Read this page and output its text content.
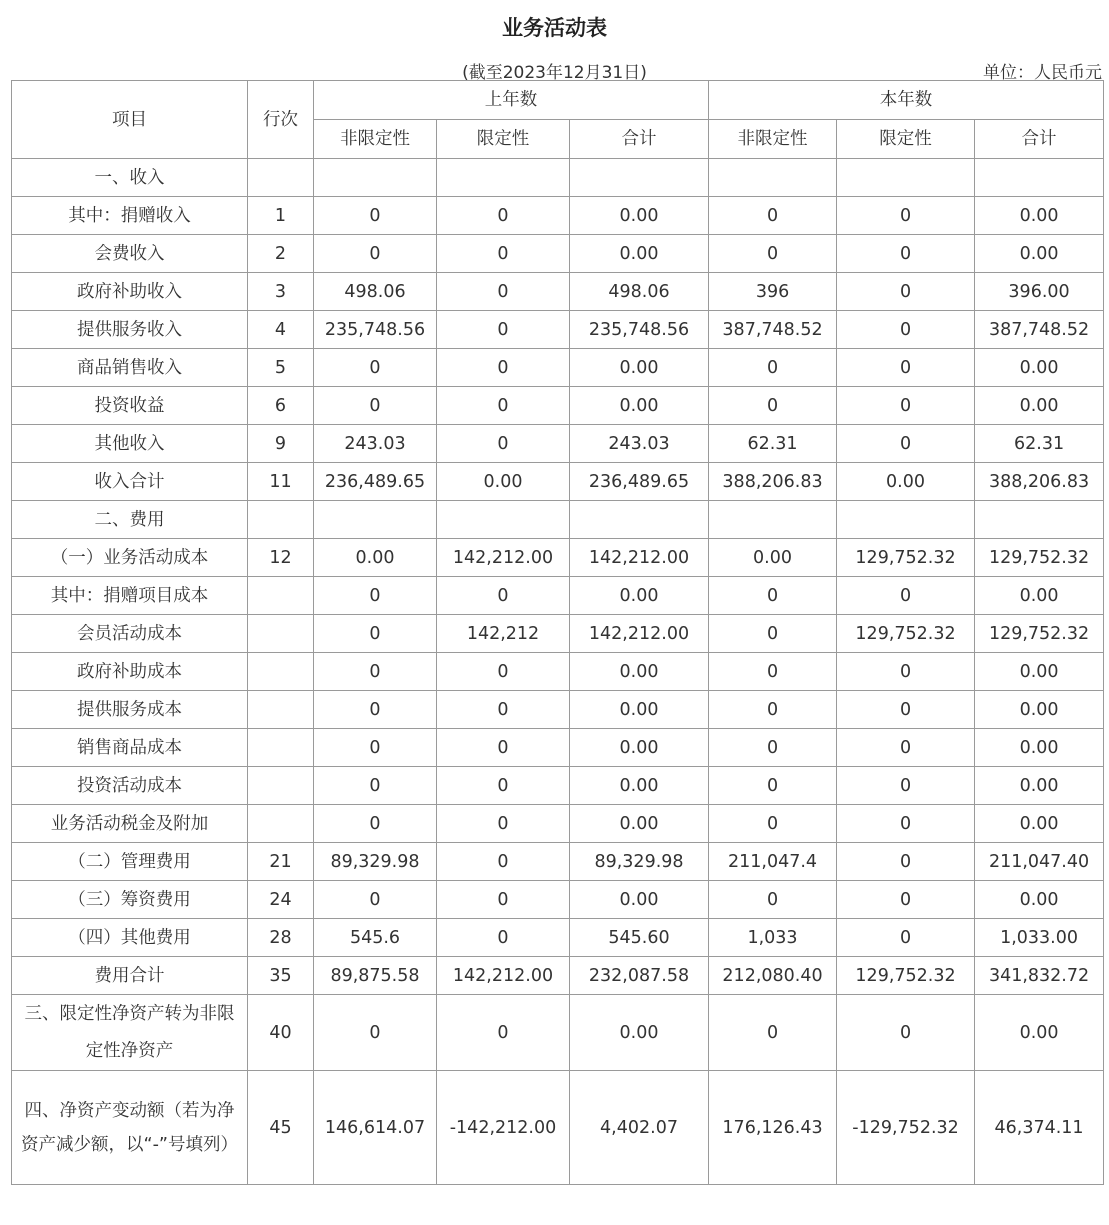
业务活动表
(截至2023年12月31日)	单位：人民币元
项目	行次	上年数			本年数		
		非限定性	限定性	合计	非限定性	限定性	合计
一、收入							
其中：捐赠收入	1	0	0	0.00	0	0	0.00
会费收入	2	0	0	0.00	0	0	0.00
政府补助收入	3	498.06	0	498.06	396	0	396.00
提供服务收入	4	235,748.56	0	235,748.56	387,748.52	0	387,748.52
商品销售收入	5	0	0	0.00	0	0	0.00
投资收益	6	0	0	0.00	0	0	0.00
其他收入	9	243.03	0	243.03	62.31	0	62.31
收入合计	11	236,489.65	0.00	236,489.65	388,206.83	0.00	388,206.83
二、费用							
（一）业务活动成本	12	0.00	142,212.00	142,212.00	0.00	129,752.32	129,752.32
其中：捐赠项目成本		0	0	0.00	0	0	0.00
会员活动成本		0	142,212	142,212.00	0	129,752.32	129,752.32
政府补助成本		0	0	0.00	0	0	0.00
提供服务成本		0	0	0.00	0	0	0.00
销售商品成本		0	0	0.00	0	0	0.00
投资活动成本		0	0	0.00	0	0	0.00
业务活动税金及附加		0	0	0.00	0	0	0.00
（二）管理费用	21	89,329.98	0	89,329.98	211,047.4	0	211,047.40
（三）筹资费用	24	0	0	0.00	0	0	0.00
（四）其他费用	28	545.6	0	545.60	1,033	0	1,033.00
费用合计	35	89,875.58	142,212.00	232,087.58	212,080.40	129,752.32	341,832.72
三、限定性净资产转为非限定性净资产	40	0	0	0.00	0	0	0.00
四、净资产变动额（若为净资产减少额，以“-”号填列）	45	146,614.07	-142,212.00	4,402.07	176,126.43	-129,752.32	46,374.11
